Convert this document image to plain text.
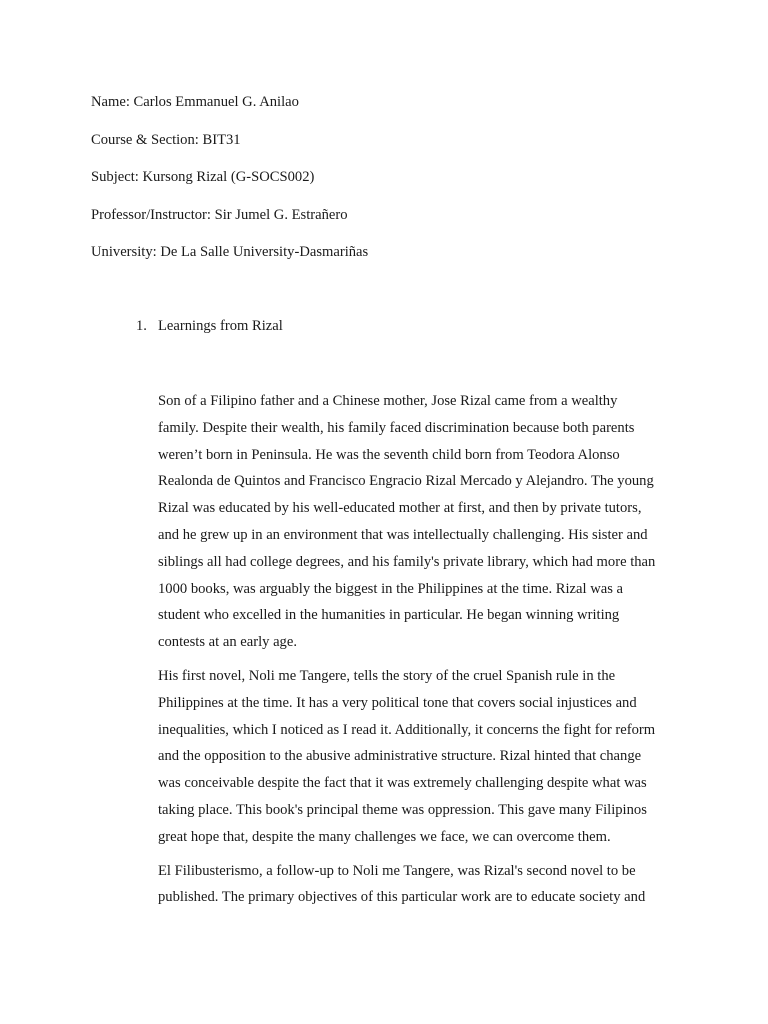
Name: Carlos Emmanuel G. Anilao
Course & Section: BIT31
Subject: Kursong Rizal (G-SOCS002)
Professor/Instructor: Sir Jumel G. Estrañero
University: De La Salle University-Dasmariñas
1. Learnings from Rizal

Son of a Filipino father and a Chinese mother, Jose Rizal came from a wealthy
family. Despite their wealth, his family faced discrimination because both parents
weren’t born in Peninsula. He was the seventh child born from Teodora Alonso
Realonda de Quintos and Francisco Engracio Rizal Mercado y Alejandro. The young
Rizal was educated by his well-educated mother at first, and then by private tutors,
and he grew up in an environment that was intellectually challenging. His sister and
siblings all had college degrees, and his family's private library, which had more than
1000 books, was arguably the biggest in the Philippines at the time. Rizal was a
student who excelled in the humanities in particular. He began winning writing
contests at an early age.

His first novel, Noli me Tangere, tells the story of the cruel Spanish rule in the
Philippines at the time. It has a very political tone that covers social injustices and
inequalities, which I noticed as I read it. Additionally, it concerns the fight for reform
and the opposition to the abusive administrative structure. Rizal hinted that change
was conceivable despite the fact that it was extremely challenging despite what was
taking place. This book's principal theme was oppression. This gave many Filipinos
great hope that, despite the many challenges we face, we can overcome them.

El Filibusterismo, a follow-up to Noli me Tangere, was Rizal's second novel to be
published. The primary objectives of this particular work are to educate society and
